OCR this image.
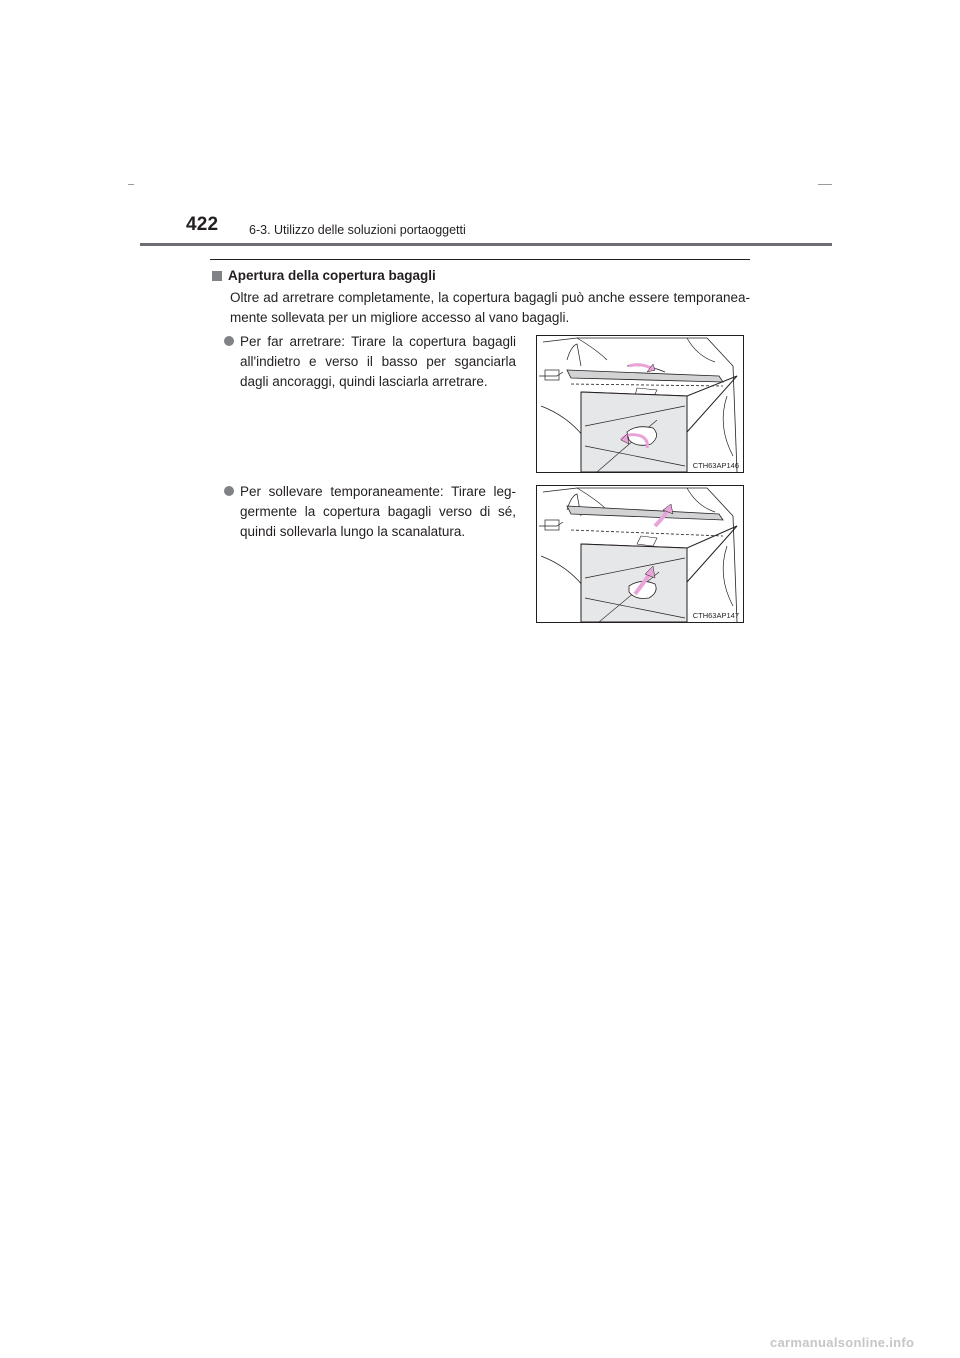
422 6-3. Utilizzo delle soluzioni portaoggetti
Apertura della copertura bagagli
Oltre ad arretrare completamente, la copertura bagagli può anche essere temporanea-mente sollevata per un migliore accesso al vano bagagli.
Per far arretrare: Tirare la copertura bagagli all'indietro e verso il basso per sganciarla dagli ancoraggi, quindi lasciarla arretrare.
CTH63AP146
Per sollevare temporaneamente: Tirare leg-germente la copertura bagagli verso di sé, quindi sollevarla lungo la scanalatura.
CTH63AP147
carmanualsonline.info
